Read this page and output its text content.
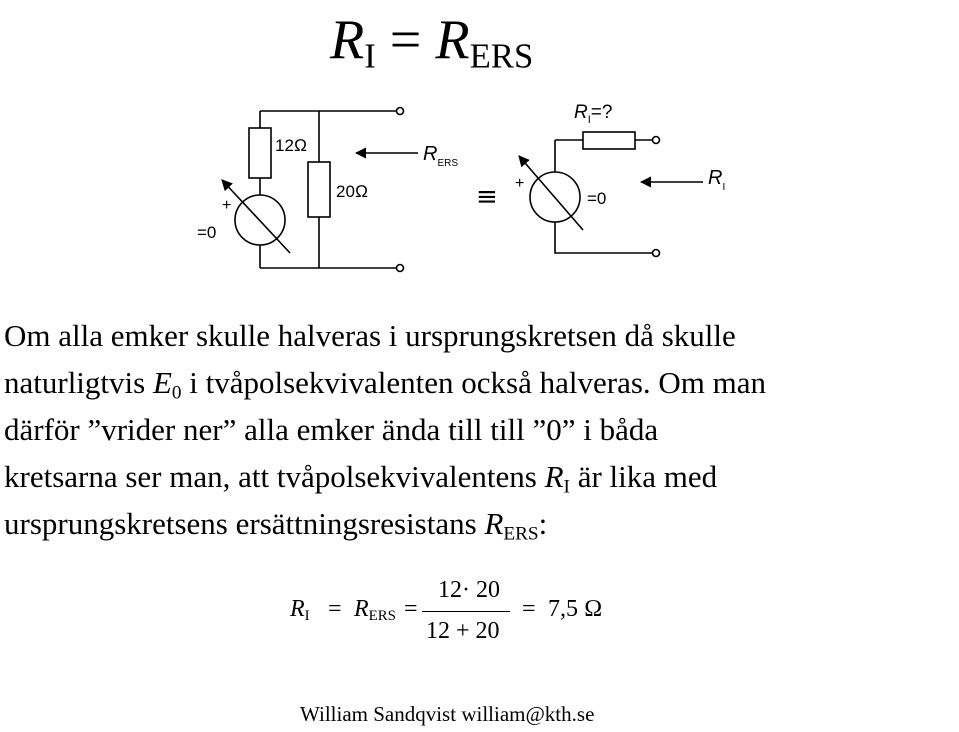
$R_I = R_{ERS}$
≡
12Ω
20Ω
+
=0
$R_{ERS}$
$R_I=$?
+
=0
$R_I$
Om alla emker skulle halveras i ursprungskretsen då skulle
naturligtvis $E_0$ i tvåpolsekvivalenten också halveras. Om man
därför ”vrider ner” alla emker ända till till ”0” i båda
kretsarna ser man, att tvåpolsekvivalentens $R_I$ är lika med
ursprungskretsens ersättningsresistans $R_{ERS}$:
$R_I = R_{ERS}$ =
12· 20
12 + 20
= 7,5 Ω
William Sandqvist william@kth.se
